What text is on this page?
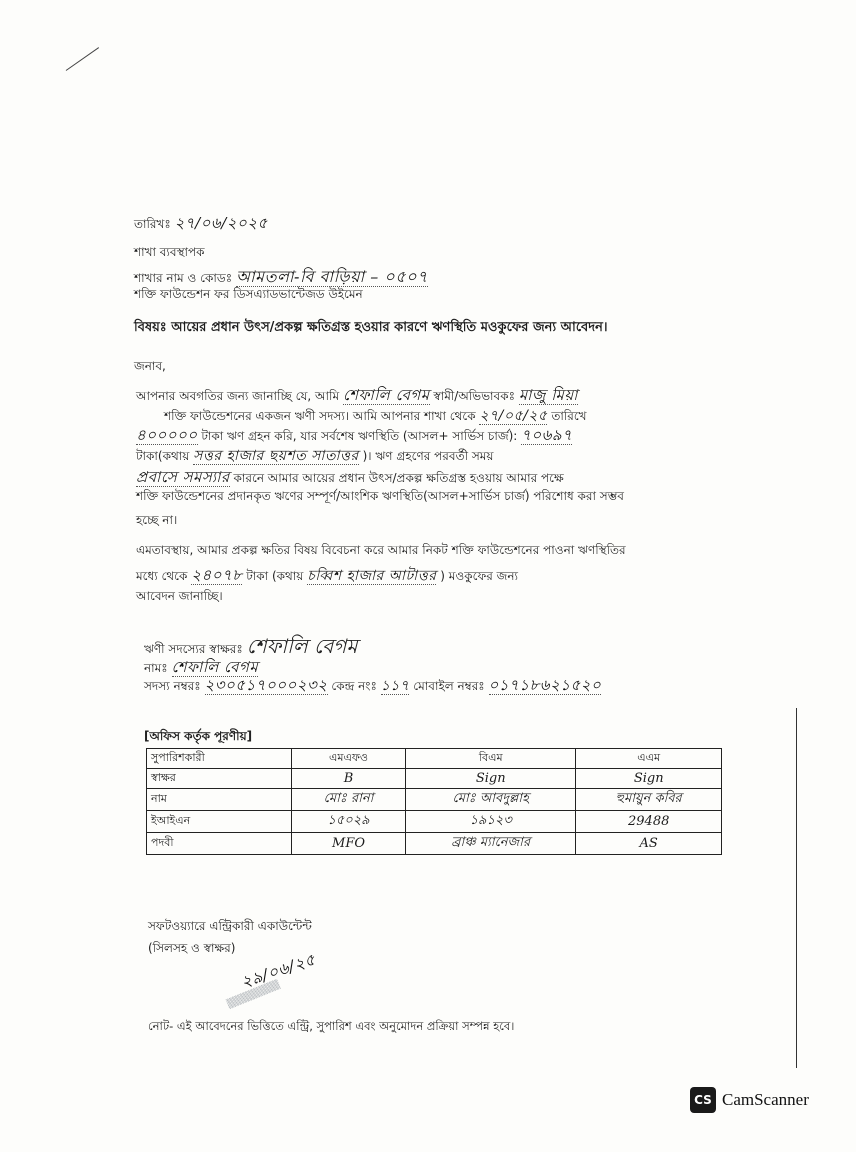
তারিখঃ ২৭/০৬/২০২৫
শাখা ব্যবস্থাপক
শাখার নাম ও কোডঃ আমতলা-বি বাড়িয়া – ০৫০৭
শক্তি ফাউন্ডেশন ফর ডিসএ্যাডভান্টেজড উইমেন
বিষয়ঃ আয়ের প্রধান উৎস/প্রকল্প ক্ষতিগ্রস্ত হওয়ার কারণে ঋণস্থিতি মওকুফের জন্য আবেদন।
জনাব,
আপনার অবগতির জন্য জানাচ্ছি যে, আমি শেফালি বেগম স্বামী/অভিভাবকঃ মাজু মিয়া
শক্তি ফাউন্ডেশনের একজন ঋণী সদস্য। আমি আপনার শাখা থেকে ২৭/০৫/২৫ তারিখে
৪০০০০০ টাকা ঋণ গ্রহন করি, যার সর্বশেষ ঋণস্থিতি (আসল+ সার্ভিস চার্জ): ৭০৬৯৭
টাকা(কথায় সত্তর হাজার ছয়শত সাতাত্তর )। ঋণ গ্রহণের পরবর্তী সময়
প্রবাসে সমস্যার কারনে আমার আয়ের প্রধান উৎস/প্রকল্প ক্ষতিগ্রস্ত হওয়ায় আমার পক্ষে
শক্তি ফাউন্ডেশনের প্রদানকৃত ঋণের সম্পূর্ণ/আংশিক ঋণস্থিতি(আসল+সার্ভিস চার্জ) পরিশোধ করা সম্ভব
হচ্ছে না।
এমতাবস্থায়, আমার প্রকল্প ক্ষতির বিষয় বিবেচনা করে আমার নিকট শক্তি ফাউন্ডেশনের পাওনা ঋণস্থিতির
মধ্যে থেকে ২৪০৭৮ টাকা (কথায় চব্বিশ হাজার আটাত্তর ) মওকুফের জন্য
আবেদন জানাচ্ছি।
ঋণী সদস্যের স্বাক্ষরঃ শেফালি বেগম
নামঃ শেফালি বেগম
সদস্য নম্বরঃ ২৩০৫১৭০০০২৩২ কেন্দ্র নংঃ ১১৭ মোবাইল নম্বরঃ ০১৭১৮৬২১৫২০
[অফিস কর্তৃক পূরণীয়]
সুপারিশকারী	এমএফও	বিএম	এএম
স্বাক্ষর	B	Sign	Sign
নাম	মোঃ রানা	মোঃ আবদুল্লাহ	হুমায়ুন কবির
ইআইএন	১৫০২৯	১৯১২৩	29488
পদবী	MFO	ব্রাঞ্চ ম্যানেজার	AS
সফটওয়্যারে এন্ট্রিকারী একাউন্টেন্ট
(সিলসহ ও স্বাক্ষর)
২৯/০৬/২৫
▒▒▒▒▒▒▒▒
নোট- এই আবেদনের ভিত্তিতে এন্ট্রি, সুপারিশ এবং অনুমোদন প্রক্রিয়া সম্পন্ন হবে।
CS CamScanner
